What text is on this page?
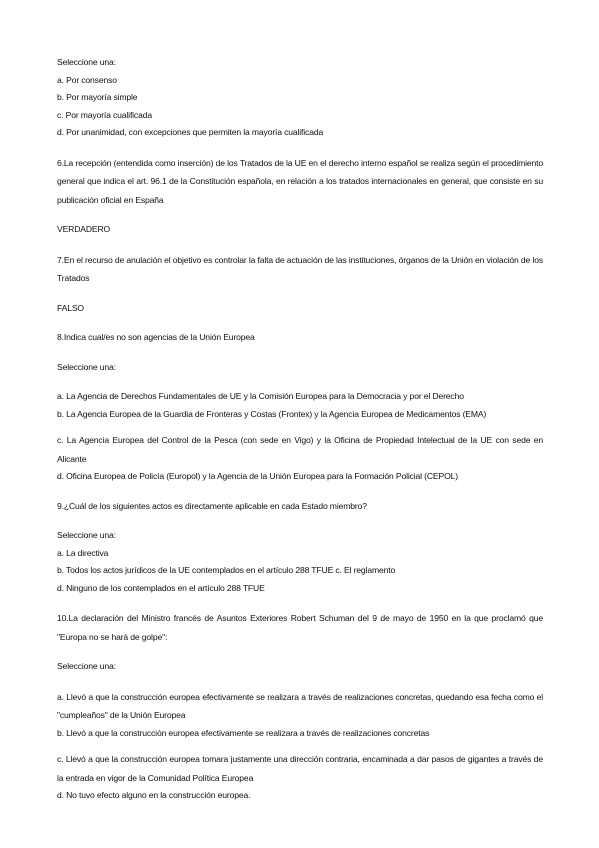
Seleccione una:
a. Por consenso
b. Por mayoría simple
c. Por mayoría cualificada
d. Por unanimidad, con excepciones que permiten la mayoría cualificada
6.La recepción (entendida como inserción) de los Tratados de la UE en el derecho interno español se realiza según el procedimiento general que indica el art. 96.1 de la Constitución española, en relación a los tratados internacionales en general, que consiste en su publicación oficial en España
VERDADERO
7.En el recurso de anulación el objetivo es controlar la falta de actuación de las instituciones, órganos de la Unión en violación de los Tratados
FALSO
8.Indica cual/es no son agencias de la Unión Europea
Seleccione una:
a. La Agencia de Derechos Fundamentales de UE y la Comisión Europea para la Democracia y por el Derecho
b. La Agencia Europea de la Guardia de Fronteras y Costas (Frontex) y la Agencia Europea de Medicamentos (EMA)
c. La Agencia Europea del Control de la Pesca (con sede en Vigo) y la Oficina de Propiedad Intelectual de la UE con sede en Alicante
d. Oficina Europea de Policía (Europol) y la Agencia de la Unión Europea para la Formación Policial (CEPOL)
9.¿Cuál de los siguientes actos es directamente aplicable en cada Estado miembro?
Seleccione una:
a. La directiva
b. Todos los actos jurídicos de la UE contemplados en el artículo 288 TFUE c. El reglamento
d. Ninguno de los contemplados en el artículo 288 TFUE
10.La declaración del Ministro francés de Asuntos Exteriores Robert Schuman del 9 de mayo de 1950 en la que proclamó que "Europa no se hará de golpe":
Seleccione una:
a. Llevó a que la construcción europea efectivamente se realizara a través de realizaciones concretas, quedando esa fecha como el "cumpleaños" de la Unión Europea
b. Llevó a que la construcción europea efectivamente se realizara a través de realizaciones concretas
c. Llevó a que la construcción europea tomara justamente una dirección contraria, encaminada a dar pasos de gigantes a través de la entrada en vigor de la Comunidad Política Europea
d. No tuvo efecto alguno en la construcción europea.
